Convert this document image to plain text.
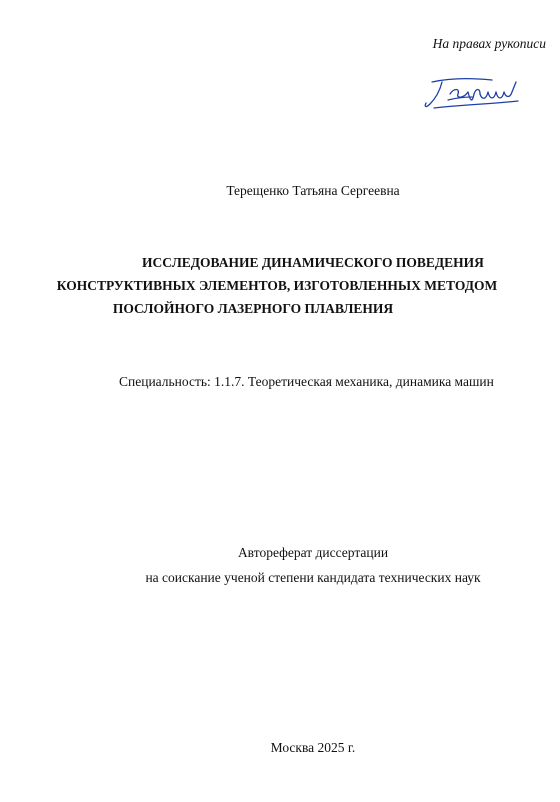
На правах рукописи
Терещенко Татьяна Сергеевна
ИССЛЕДОВАНИЕ ДИНАМИЧЕСКОГО ПОВЕДЕНИЯ
КОНСТРУКТИВНЫХ ЭЛЕМЕНТОВ, ИЗГОТОВЛЕННЫХ МЕТОДОМ
ПОСЛОЙНОГО ЛАЗЕРНОГО ПЛАВЛЕНИЯ
Специальность: 1.1.7. Теоретическая механика, динамика машин
Автореферат диссертации
на соискание ученой степени кандидата технических наук
Москва 2025 г.
